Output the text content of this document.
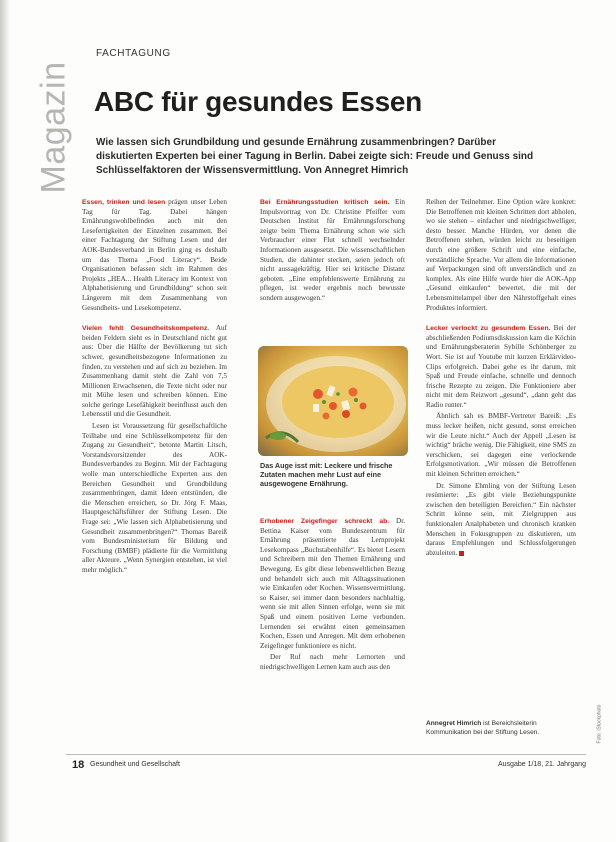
Magazin
FACHTAGUNG
ABC für gesundes Essen

Wie lassen sich Grundbildung und gesunde Ernährung zusammenbringen? Darüber diskutierten Experten bei einer Tagung in Berlin. Dabei zeigte sich: Freude und Genuss sind Schlüsselfaktoren der Wissensvermittlung. Von Annegret Himrich

Essen, trinken und lesen prägen unser Leben Tag für Tag. Dabei hängen Ernährungswohlbefinden auch mit den Lesefertigkeiten der Einzelnen zusammen. Bei einer Fachtagung der Stiftung Lesen und der AOK-Bundesverband in Berlin ging es deshalb um das Thema „Food Literacy“. Beide Organisationen befassen sich im Rahmen des Projekts „HEA... Health Literacy im Kontext von Alphabetisierung und Grundbildung“ schon seit Längerem mit dem Zusammenhang von Gesundheits- und Lesekompetenz.

Vielen fehlt Gesundheitskompetenz. Auf beiden Feldern sieht es in Deutschland nicht gut aus: Über die Hälfte der Bevölkerung tut sich schwer, gesundheitsbezogene Informationen zu finden, zu verstehen und auf sich zu beziehen. Im Zusammenhang damit steht die Zahl von 7,5 Millionen Erwachsenen, die Texte nicht oder nur mit Mühe lesen und schreiben können. Eine solche geringe Lesefähigkeit beeinflusst auch den Lebensstil und die Gesundheit.

Lesen ist Voraussetzung für gesellschaftliche Teilhabe und eine Schlüsselkompetenz für den Zugang zu Gesundheit“, betonte Martin Litsch, Vorstandsvorsitzender des AOK-Bundesverbandes zu Beginn. Mit der Fachtagung wolle man unterschiedliche Experten aus den Bereichen Gesundheit und Grundbildung zusammenbringen, damit Ideen entstünden, die die Menschen erreichen, so Dr. Jörg F. Maas, Hauptgeschäftsführer der Stiftung Lesen. Die Frage sei: „Wie lassen sich Alphabetisierung und Gesundheit zusammenbringen?“ Thomas Bareiß vom Bundesministerium für Bildung und Forschung (BMBF) plädierte für die Vermittlung aller Akteure. „Wenn Synergien entstehen, ist viel mehr möglich.“

Bei Ernährungsstudien kritisch sein. Ein Impulsvortrag von Dr. Christine Pfeiffer vom Deutschen Institut für Ernährungsforschung zeigte beim Thema Ernährung schon wie sich Verbraucher einer Flut schnell wechselnder Informationen ausgesetzt. Die wissenschaftlichen Studien, die dahinter stecken, seien jedoch oft nicht aussagekräftig. Hier sei kritische Distanz geboten. „Eine empfehlenswerte Ernährung zu pflegen, ist weder ergebnis noch bewusste sondern ausgewogen.“

Das Auge isst mit: Leckere und frische Zutaten machen mehr Lust auf eine ausgewogene Ernährung.

Erhobener Zeigefinger schreckt ab. Dr. Bettina Kaiser vom Bundeszentrum für Ernährung präsentierte das Lernprojekt Lesekompass „Buchstabenhilfe“. Es bietet Lesern und Schreibern mit den Themen Ernährung und Bewegung. Es gibt diese lebensweltlichen Bezug und behandelt sich auch mit Alltagssituationen wie Einkaufen oder Kochen. Wissensvermittlung, so Kaiser, sei immer dann besonders nachhaltig, wenn sie mit allen Sinnen erfolge, wenn sie mit Spaß und einem positiven Lerne verbunden. Lernenden sei erwähnt einen gemeinsamen Kochen, Essen und Anregen. Mit dem erhobenen Zeigefinger funktioniere es nicht.

Der Ruf nach mehr Lernorten und niedrigschwelligen Lernen kam auch aus den

Reihen der Teilnehmer. Eine Option wäre konkret: Die Betroffenen mit kleinen Schritten dort abholen, wo sie stehen – einfacher und niedrigschwelliger, desto besser. Manche Hürden, vor denen die Betroffenen stehen, würden leicht zu beseitigen durch eine größere Schrift und eine einfache, verständliche Sprache. Vor allem die Informationen auf Verpackungen sind oft unverständlich und zu komplex. Als eine Hilfe wurde hier die AOK-App „Gesund einkaufen“ bewertet, die mit der Lebensmittelampel über den Nährstoffgehalt eines Produktes informiert.

Lecker verlockt zu gesundem Essen. Bei der abschließenden Podiumsdiskussion kam die Köchin und Ernährungsberaterin Sybille Schönberger zu Wort. Sie ist auf Youtube mit kurzen Erklärvideo-Clips erfolgreich. Dabei gehe es ihr darum, mit Spaß und Freude einfache, schnelle und dennoch frische Rezepte zu zeigen. Die Funktioniere aber nicht mit dem Reizwort „gesund“, „dann geht das Radio runter.“

Ähnlich sah es BMBF-Vertreter Bareiß: „Es muss lecker heißen, nicht gesund, sonst erreichen wir die Leute nicht.“ Auch der Appell „Lesen ist wichtig“ bräche wenig. Die Fähigkeit, eine SMS zu verschicken, sei dagegen eine verlockende Erfolgsmotivation. „Wir müssen die Betroffenen mit kleinen Schritten erreichen.“

Dr. Simone Ehmling von der Stiftung Lesen resümierte: „Es gibt viele Beziehungspunkte zwischen den beteiligten Bereichen.“ Ein nächster Schritt könne sein, mit Zielgruppen aus funktionalen Analphabeten und chronisch kranken Menschen in Fokusgruppen zu diskutieren, um daraus Empfehlungen und Schlussfolgerungen abzuleiten.

Annegret Himrich ist Bereichsleiterin Kommunikation bei der Stiftung Lesen.	Foto: iStockphoto
18 Gesundheit und Gesellschaft	Ausgabe 1/18, 21. Jahrgang
